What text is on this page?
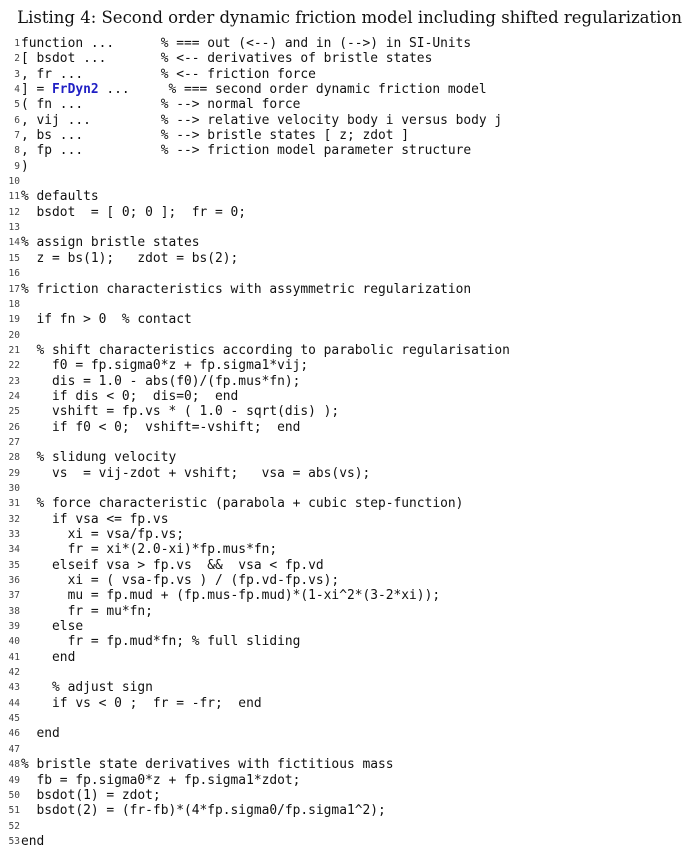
Listing 4: Second order dynamic friction model including shifted regularization
1function ...      % === out (<--) and in (-->) in SI-Units
2[ bsdot ...       % <-- derivatives of bristle states
3, fr ...          % <-- friction force
4] = FrDyn2 ...     % === second order dynamic friction model
5( fn ...          % --> normal force
6, vij ...         % --> relative velocity body i versus body j
7, bs ...          % --> bristle states [ z; zdot ]
8, fp ...          % --> friction model parameter structure
9)
10
11% defaults
12  bsdot  = [ 0; 0 ];  fr = 0;
13
14% assign bristle states
15  z = bs(1);   zdot = bs(2);
16
17% friction characteristics with assymmetric regularization
18
19  if fn > 0  % contact
20
21  % shift characteristics according to parabolic regularisation
22    f0 = fp.sigma0*z + fp.sigma1*vij;
23    dis = 1.0 - abs(f0)/(fp.mus*fn);
24    if dis < 0;  dis=0;  end
25    vshift = fp.vs * ( 1.0 - sqrt(dis) );
26    if f0 < 0;  vshift=-vshift;  end
27
28  % slidung velocity
29    vs  = vij-zdot + vshift;   vsa = abs(vs);
30
31  % force characteristic (parabola + cubic step-function)
32    if vsa <= fp.vs
33      xi = vsa/fp.vs;
34      fr = xi*(2.0-xi)*fp.mus*fn;
35    elseif vsa > fp.vs  &&  vsa < fp.vd
36      xi = ( vsa-fp.vs ) / (fp.vd-fp.vs);
37      mu = fp.mud + (fp.mus-fp.mud)*(1-xi^2*(3-2*xi));
38      fr = mu*fn;
39    else
40      fr = fp.mud*fn; % full sliding
41    end
42
43    % adjust sign
44    if vs < 0 ;  fr = -fr;  end
45
46  end
47
48% bristle state derivatives with fictitious mass
49  fb = fp.sigma0*z + fp.sigma1*zdot;
50  bsdot(1) = zdot;
51  bsdot(2) = (fr-fb)*(4*fp.sigma0/fp.sigma1^2);
52
53end
